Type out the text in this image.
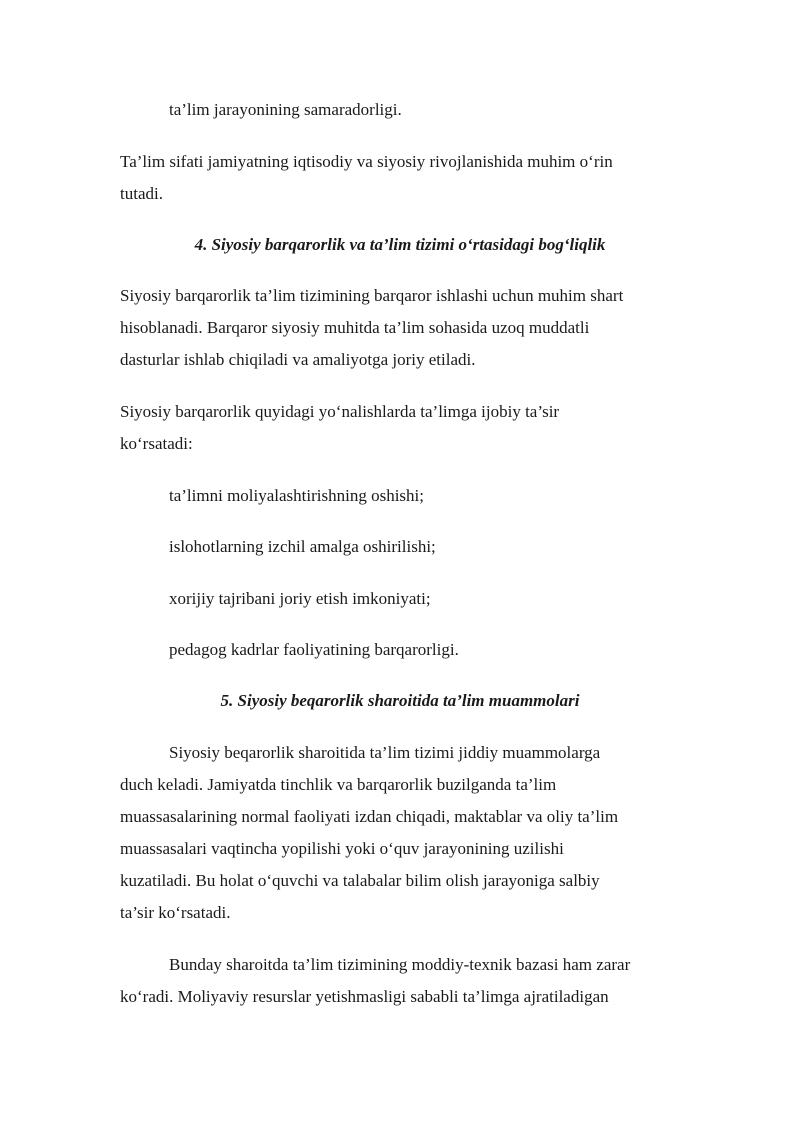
ta’lim jarayonining samaradorligi.

Ta’lim sifati jamiyatning iqtisodiy va siyosiy rivojlanishida muhim o‘rin

tutadi.

4. Siyosiy barqarorlik va ta’lim tizimi o‘rtasidagi bog‘liqlik

Siyosiy barqarorlik ta’lim tizimining barqaror ishlashi uchun muhim shart

hisoblanadi. Barqaror siyosiy muhitda ta’lim sohasida uzoq muddatli

dasturlar ishlab chiqiladi va amaliyotga joriy etiladi.

Siyosiy barqarorlik quyidagi yo‘nalishlarda ta’limga ijobiy ta’sir

ko‘rsatadi:

ta’limni moliyalashtirishning oshishi;

islohotlarning izchil amalga oshirilishi;

xorijiy tajribani joriy etish imkoniyati;

pedagog kadrlar faoliyatining barqarorligi.

5. Siyosiy beqarorlik sharoitida ta’lim muammolari

Siyosiy beqarorlik sharoitida ta’lim tizimi jiddiy muammolarga

duch keladi. Jamiyatda tinchlik va barqarorlik buzilganda ta’lim

muassasalarining normal faoliyati izdan chiqadi, maktablar va oliy ta’lim

muassasalari vaqtincha yopilishi yoki o‘quv jarayonining uzilishi

kuzatiladi. Bu holat o‘quvchi va talabalar bilim olish jarayoniga salbiy

ta’sir ko‘rsatadi.

Bunday sharoitda ta’lim tizimining moddiy-texnik bazasi ham zarar

ko‘radi. Moliyaviy resurslar yetishmasligi sababli ta’limga ajratiladigan
